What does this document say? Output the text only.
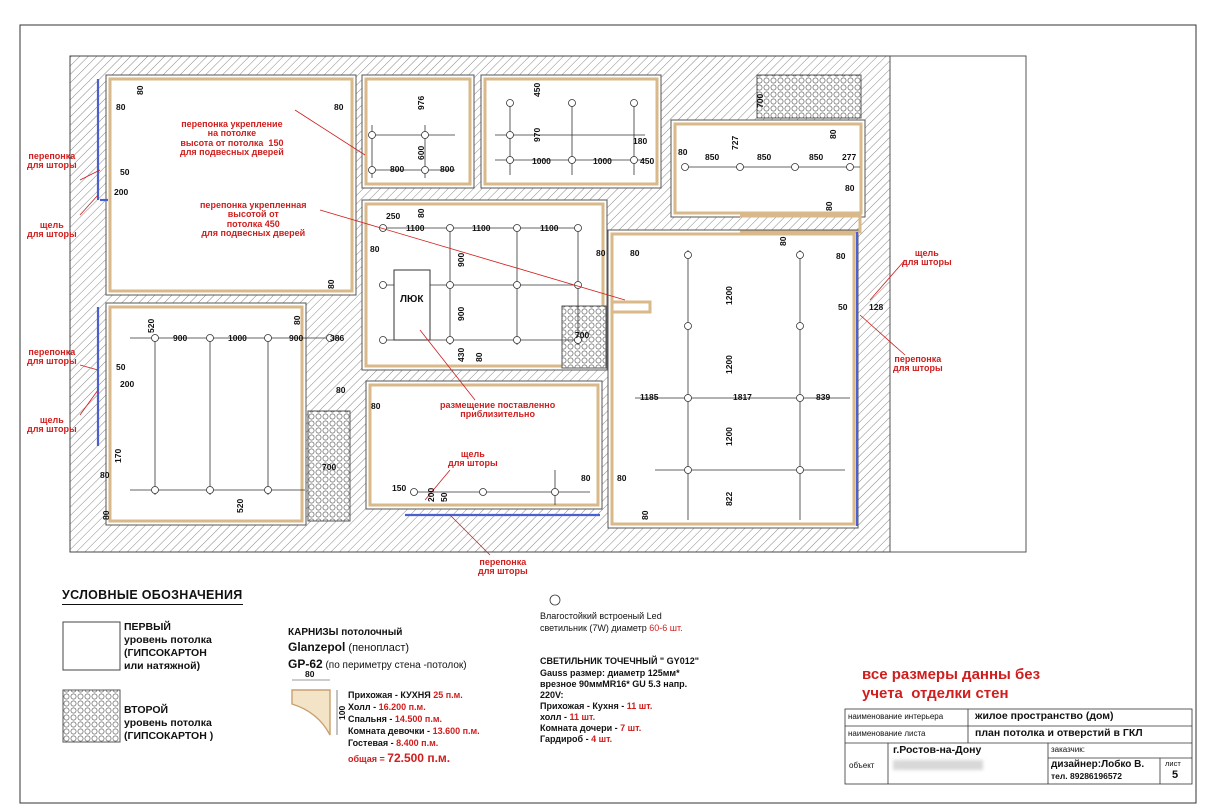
перепонка укрепление
на потолке
высота от потолка  150
для подвесных дверей
перепонка укрепленная
высотой от
потолка 450
для подвесных дверей
перепонка
для шторы
щель
для шторы
перепонка
для шторы
щель
для шторы
щель
для шторы
перепонка
для шторы
размещение поставленно
приблизительно
щель
для шторы
перепонка
для шторы
ЛЮК
80	80
50
200
800	800
1000	1000
180
450
80 850	850	850 277
80
250
1100	1100	1100
80	80	80	80
50	128
700
900	1000	900	386
50
200
80
80
1185	1817	839
700
80	80	80
150
80
976
600
450
970
700
80
727
80
80
80
900
900
80
1200
80
520
430 80	1200
1200
170
520	822
80	80
200 50
УСЛОВНЫЕ ОБОЗНАЧЕНИЯ
ПЕРВЫЙ
уровень потолка
(ГИПСОКАРТОН
или натяжной)
ВТОРОЙ
уровень потолка
(ГИПСОКАРТОН )
КАРНИЗЫ потолочный
Glanzepol (пенопласт)
GP-62 (по периметру стена -потолок)
80
100
Прихожая - КУХНЯ 25 п.м.
Холл - 16.200 п.м.
Спальня - 14.500 п.м.
Комната девочки - 13.600 п.м.
Гостевая - 8.400 п.м.
общая = 72.500 п.м.
Влагостойкий встроеный Led
светильник (7W) диаметр 60-6 шт.
СВЕТИЛЬНИК ТОЧЕЧНЫЙ " GY012"
Gauss размер: диаметр 125мм*
врезное 90ммMR16* GU 5.3 напр.
220V:
Прихожая - Кухня - 11 шт.
холл - 11 шт.
Комната дочери - 7 шт.
Гардироб - 4 шт.
все размеры данны без
учета  отделки стен
наименование интерьера	жилое пространство (дом)
наименование листа	план потолка и отверстий в ГКЛ
г.Ростов-на-Дону
объект
заказчик:
дизайнер:Лобко В.
тел. 89286196572
лист
5
